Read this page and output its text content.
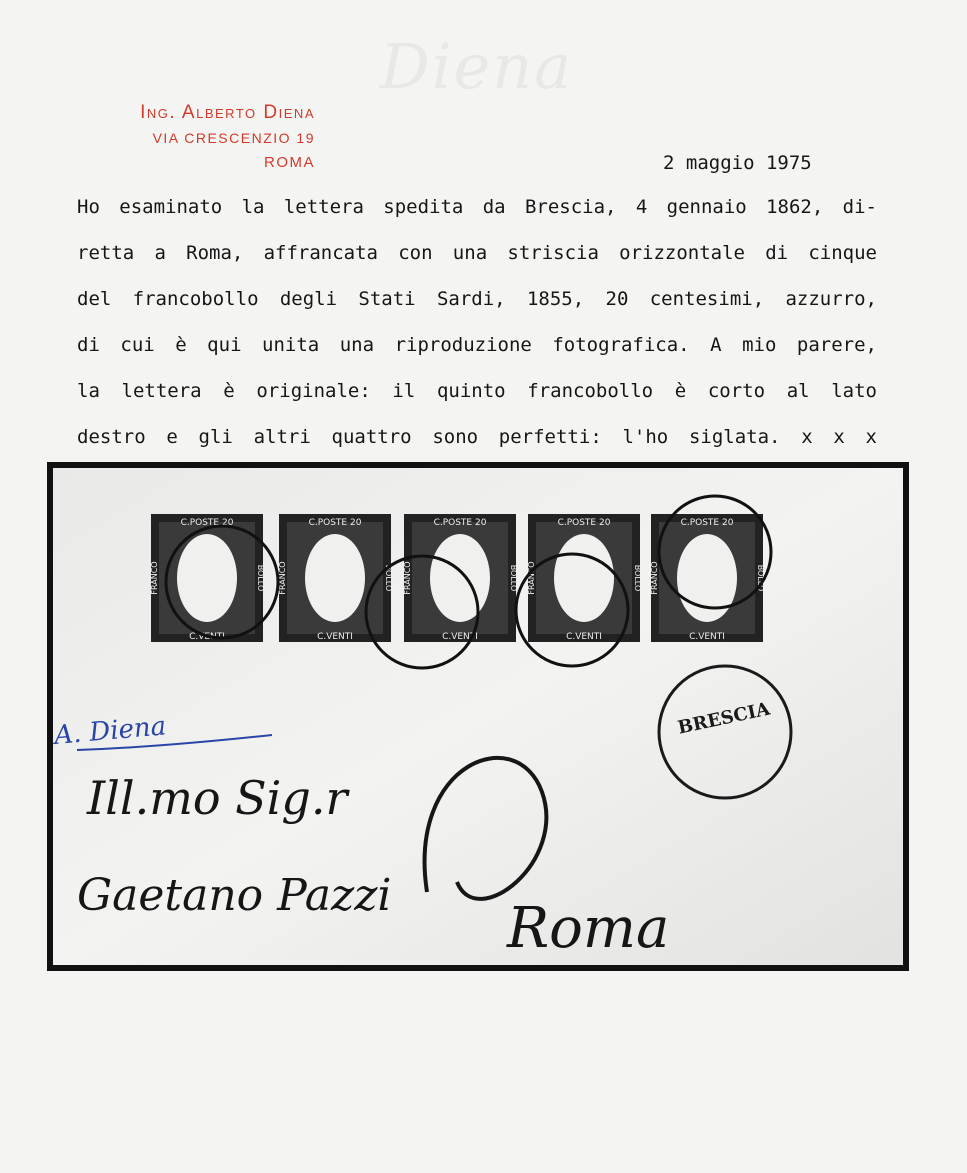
Diena
Ing. Alberto Diena
VIA CRESCENZIO 19
ROMA	2 maggio 1975
Ho esaminato la lettera spedita da Brescia, 4 gennaio 1862, di-
retta a Roma, affrancata con una striscia orizzontale di cinque
del francobollo degli Stati Sardi, 1855, 20 centesimi, azzurro,
di cui è qui unita una riproduzione fotografica. A mio parere,
la lettera è originale: il quinto francobollo è corto al lato
destro e gli altri quattro sono perfetti: l'ho siglata. x x x
C.POSTE 20
C.VENTI
FRANCO	BOLLO
C.POSTE 20
C.VENTI
FRANCO	BOLLO
C.POSTE 20
C.VENTI
FRANCO	BOLLO
C.POSTE 20
C.VENTI
FRANCO	BOLLO
C.POSTE 20
C.VENTI
FRANCO	BOLLO
BRESCIA
A. Diena
Ill.mo Sig.r
Gaetano Pazzi
Roma
